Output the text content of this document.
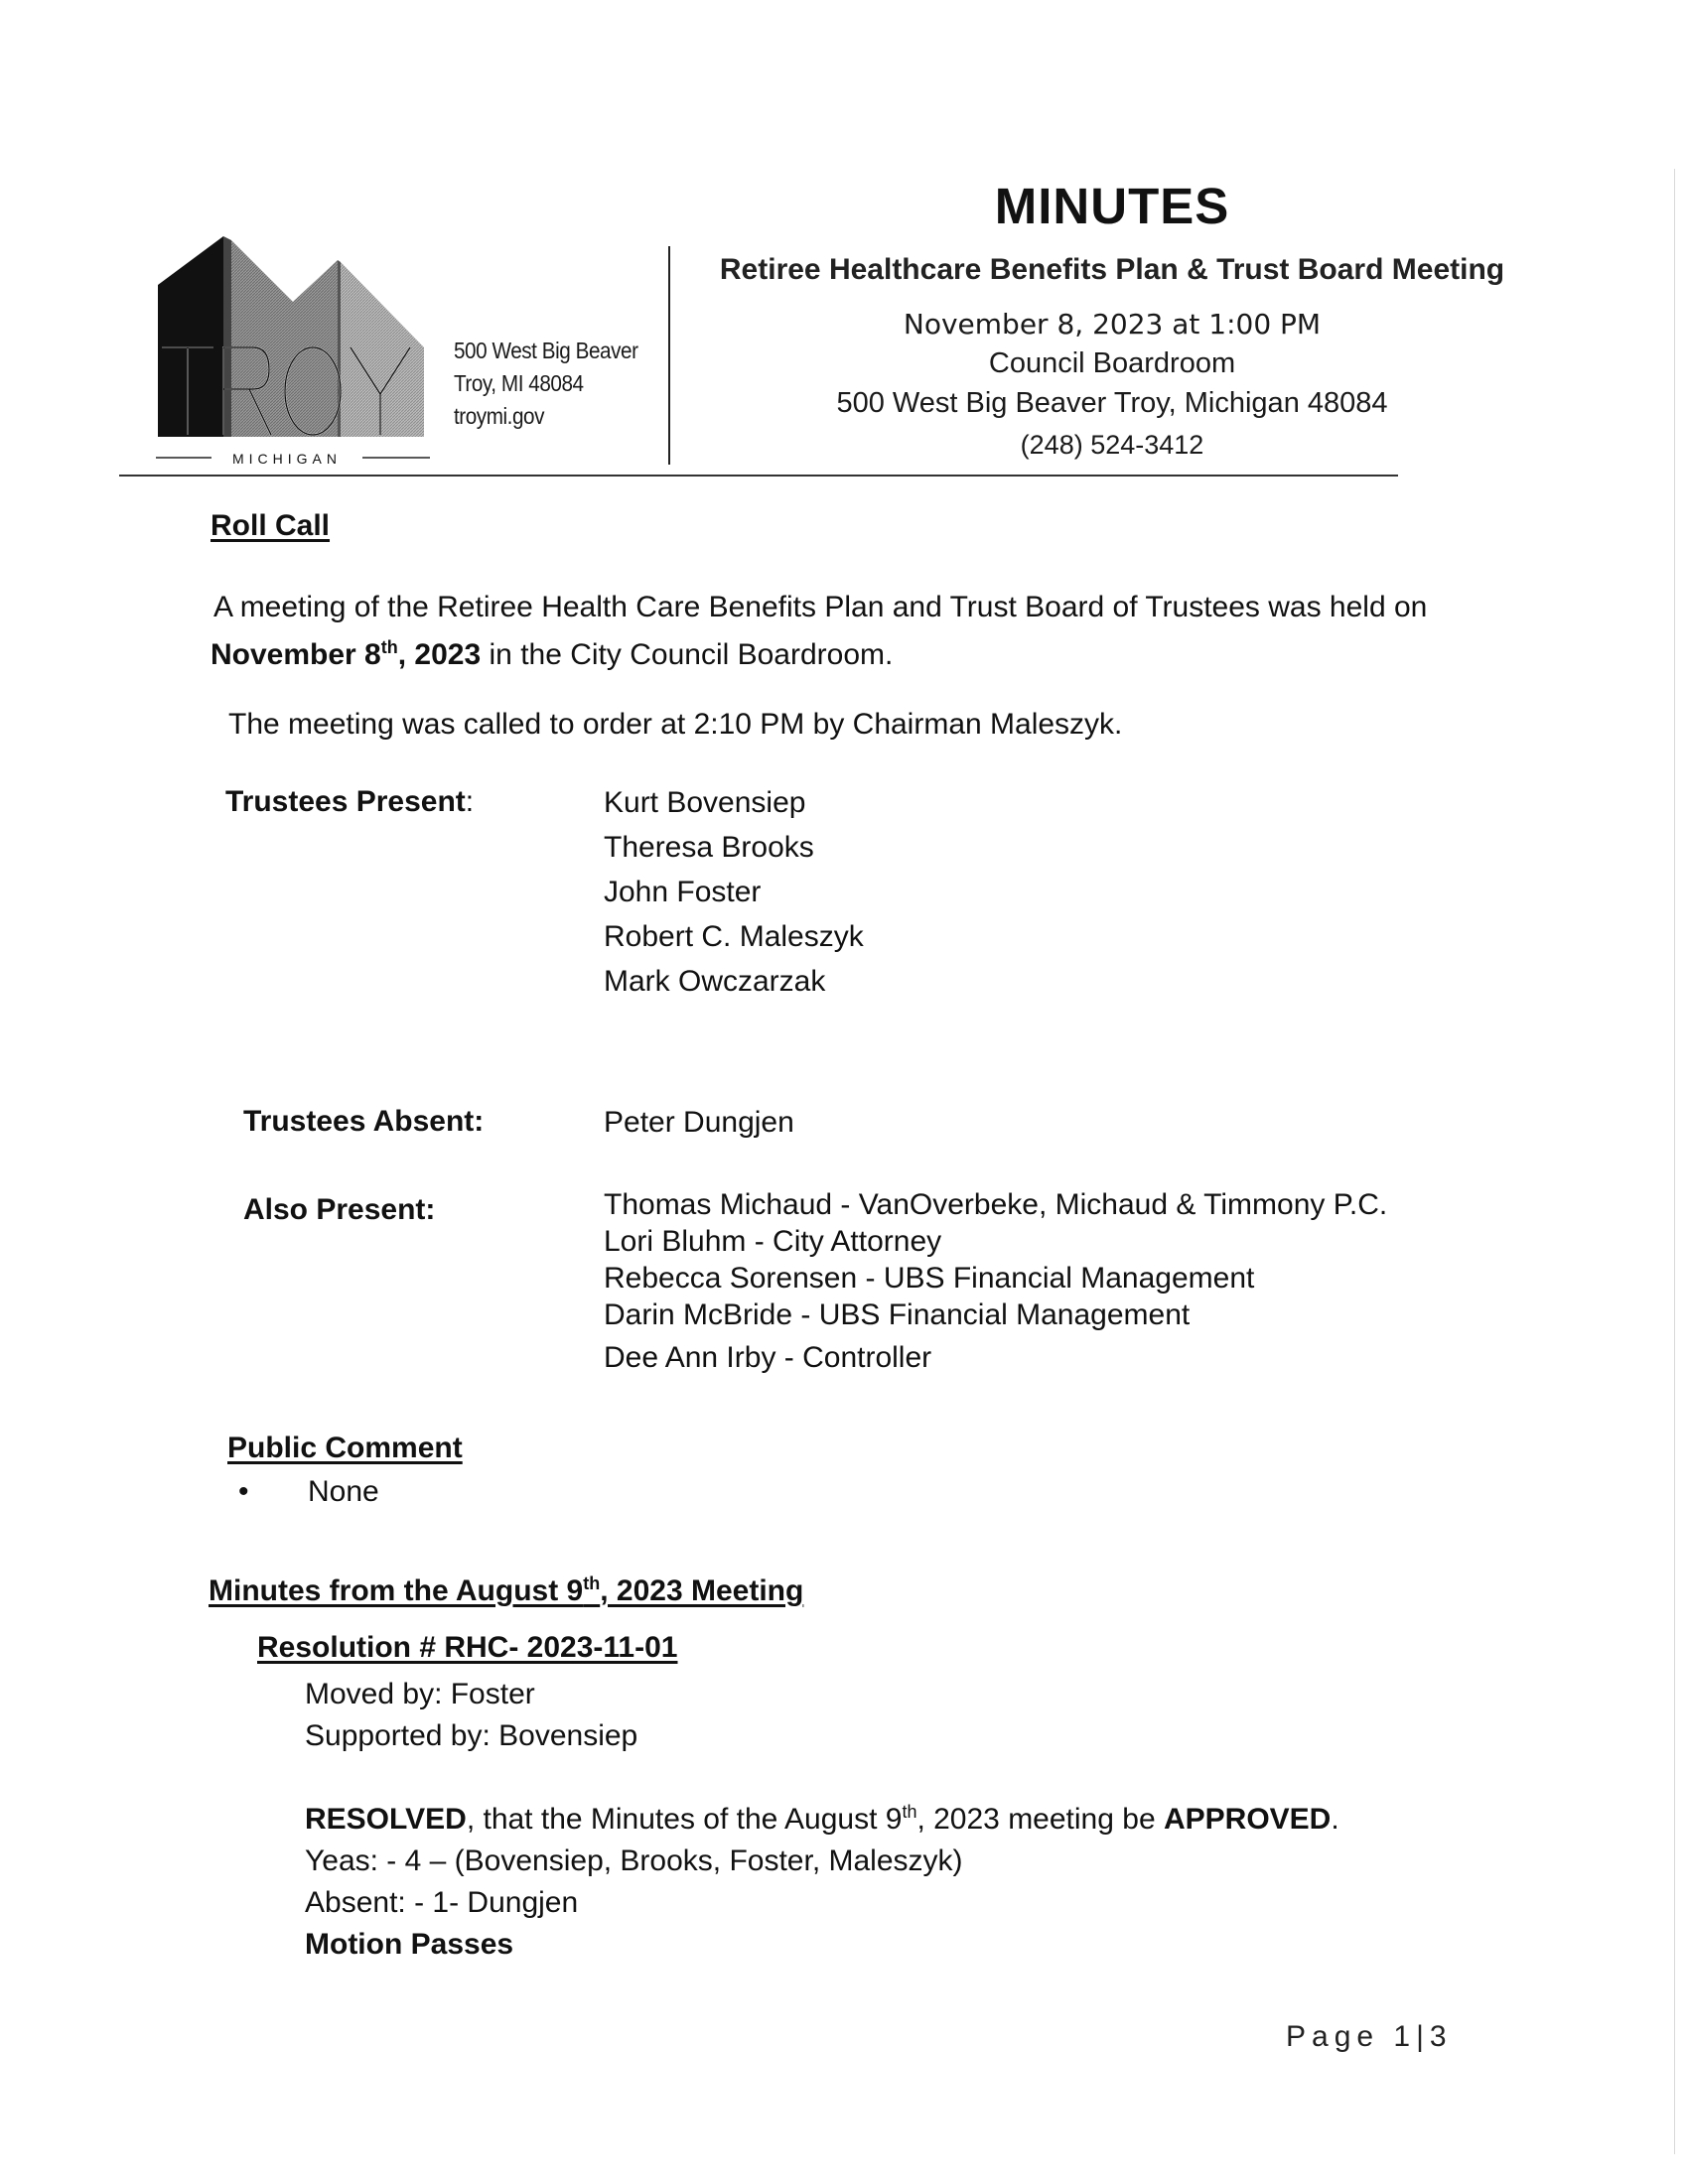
MICHIGAN
500 West Big Beaver
Troy, MI 48084
troymi.gov
MINUTES
Retiree Healthcare Benefits Plan & Trust Board Meeting
November 8, 2023 at 1:00 PM
Council Boardroom
500 West Big Beaver Troy, Michigan 48084
(248) 524-3412
Roll Call
A meeting of the Retiree Health Care Benefits Plan and Trust Board of Trustees was held on November 8th, 2023 in the City Council Boardroom.
The meeting was called to order at 2:10 PM by Chairman Maleszyk.
Trustees Present:	Kurt Bovensiep
Theresa Brooks
John Foster
Robert C. Maleszyk
Mark Owczarzak
Trustees Absent:	Peter Dungjen
Also Present:	Thomas Michaud - VanOverbeke, Michaud & Timmony P.C.
Lori Bluhm - City Attorney
Rebecca Sorensen - UBS Financial Management
Darin McBride - UBS Financial Management
Dee Ann Irby - Controller
Public Comment
• None
Minutes from the August 9th, 2023 Meeting
Resolution # RHC- 2023-11-01
Moved by: Foster
Supported by: Bovensiep
RESOLVED, that the Minutes of the August 9th, 2023 meeting be APPROVED.
Yeas: - 4 – (Bovensiep, Brooks, Foster, Maleszyk)
Absent: - 1- Dungjen
Motion Passes
Page 1|3
